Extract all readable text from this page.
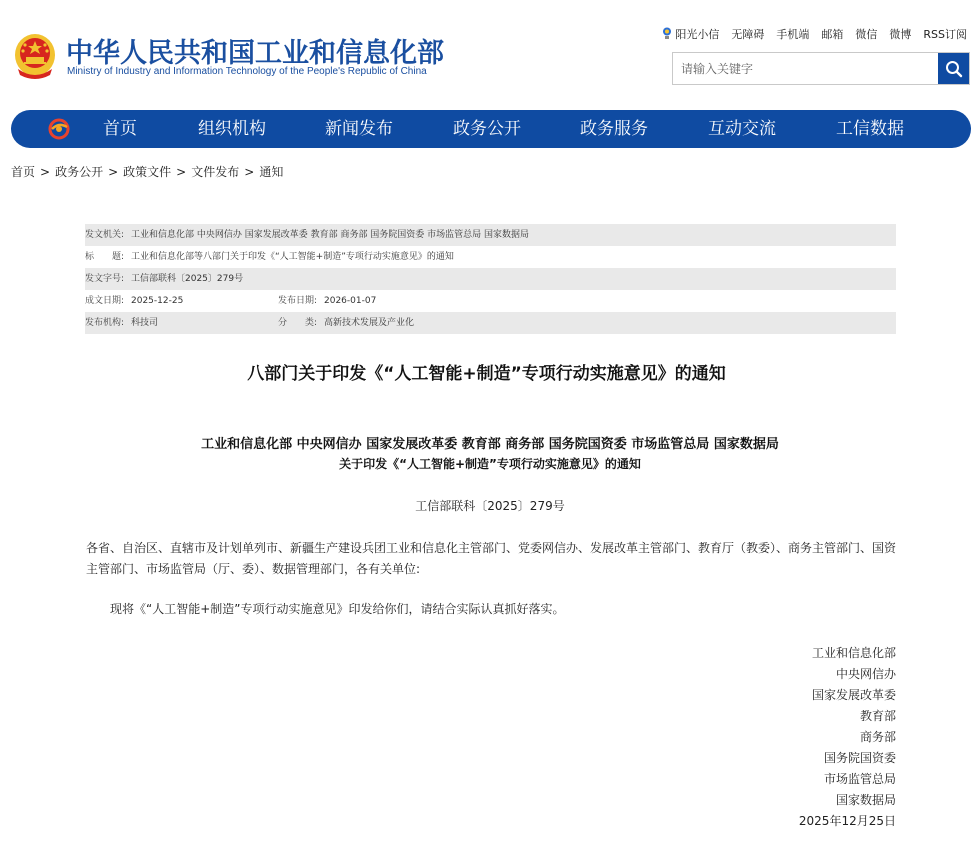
中华人民共和国工业和信息化部
Ministry of Industry and Information Technology of the People's Republic of China
阳光小信 无障碍 手机端 邮箱 微信 微博 RSS订阅
请输入关键字
首页	组织机构	新闻发布	政务公开	政务服务	互动交流	工信数据
首页 > 政务公开 > 政策文件 > 文件发布 > 通知
发文机关: 工业和信息化部 中央网信办 国家发展改革委 教育部 商务部 国务院国资委 市场监管总局 国家数据局
标　　题: 工业和信息化部等八部门关于印发《“人工智能+制造”专项行动实施意见》的通知
发文字号: 工信部联科〔2025〕279号
成文日期: 2025-12-25	发布日期: 2026-01-07
发布机构: 科技司	分　　类: 高新技术发展及产业化
八部门关于印发《“人工智能+制造”专项行动实施意见》的通知
工业和信息化部 中央网信办 国家发展改革委 教育部 商务部 国务院国资委 市场监管总局 国家数据局
关于印发《“人工智能+制造”专项行动实施意见》的通知
工信部联科〔2025〕279号
各省、自治区、直辖市及计划单列市、新疆生产建设兵团工业和信息化主管部门、党委网信办、发展改革主管部门、教育厅（教委）、商务主管部门、国资主管部门、市场监管局（厅、委）、数据管理部门，各有关单位:
现将《“人工智能+制造”专项行动实施意见》印发给你们，请结合实际认真抓好落实。
工业和信息化部
中央网信办
国家发展改革委
教育部
商务部
国务院国资委
市场监管总局
国家数据局
2025年12月25日
